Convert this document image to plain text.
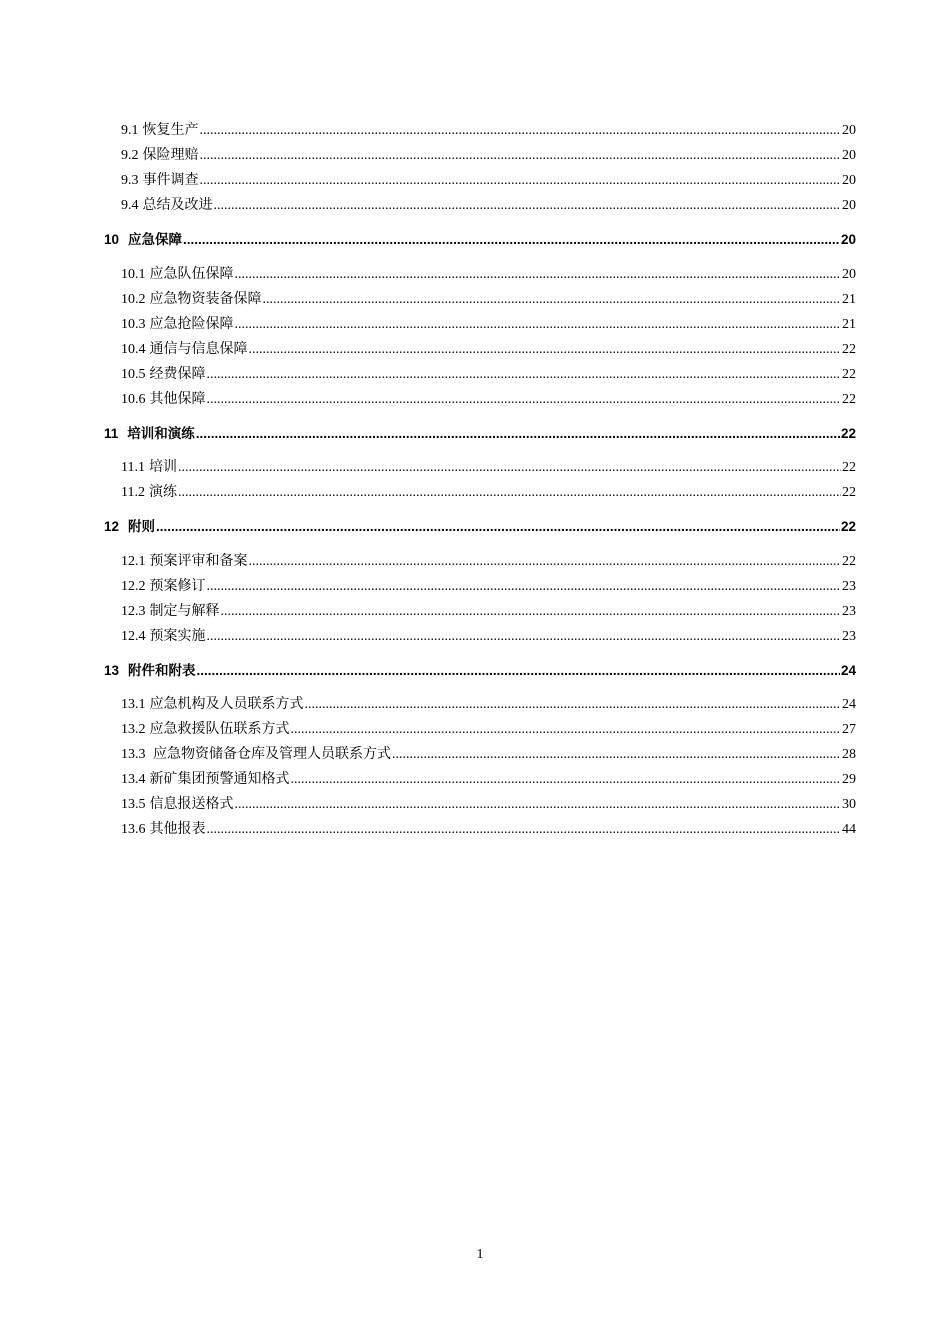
9.1 恢复生产 .....	20
9.2 保险理赔 .....	20
9.3 事件调查 .....	20
9.4 总结及改进 .....	20
10 应急保障 .....	20
10.1 应急队伍保障 .....	20
10.2 应急物资装备保障 .....	21
10.3 应急抢险保障 .....	21
10.4 通信与信息保障 .....	22
10.5 经费保障 .....	22
10.6 其他保障 .....	22
11 培训和演练 .....	22
11.1 培训 .....	22
11.2 演练 .....	22
12 附则 .....	22
12.1 预案评审和备案 .....	22
12.2 预案修订 .....	23
12.3 制定与解释 .....	23
12.4 预案实施 .....	23
13 附件和附表 .....	24
13.1 应急机构及人员联系方式 .....	24
13.2 应急救援队伍联系方式 .....	27
13.3 应急物资储备仓库及管理人员联系方式 .....	28
13.4 新矿集团预警通知格式 .....	29
13.5 信息报送格式 .....	30
13.6 其他报表 .....	44
1
